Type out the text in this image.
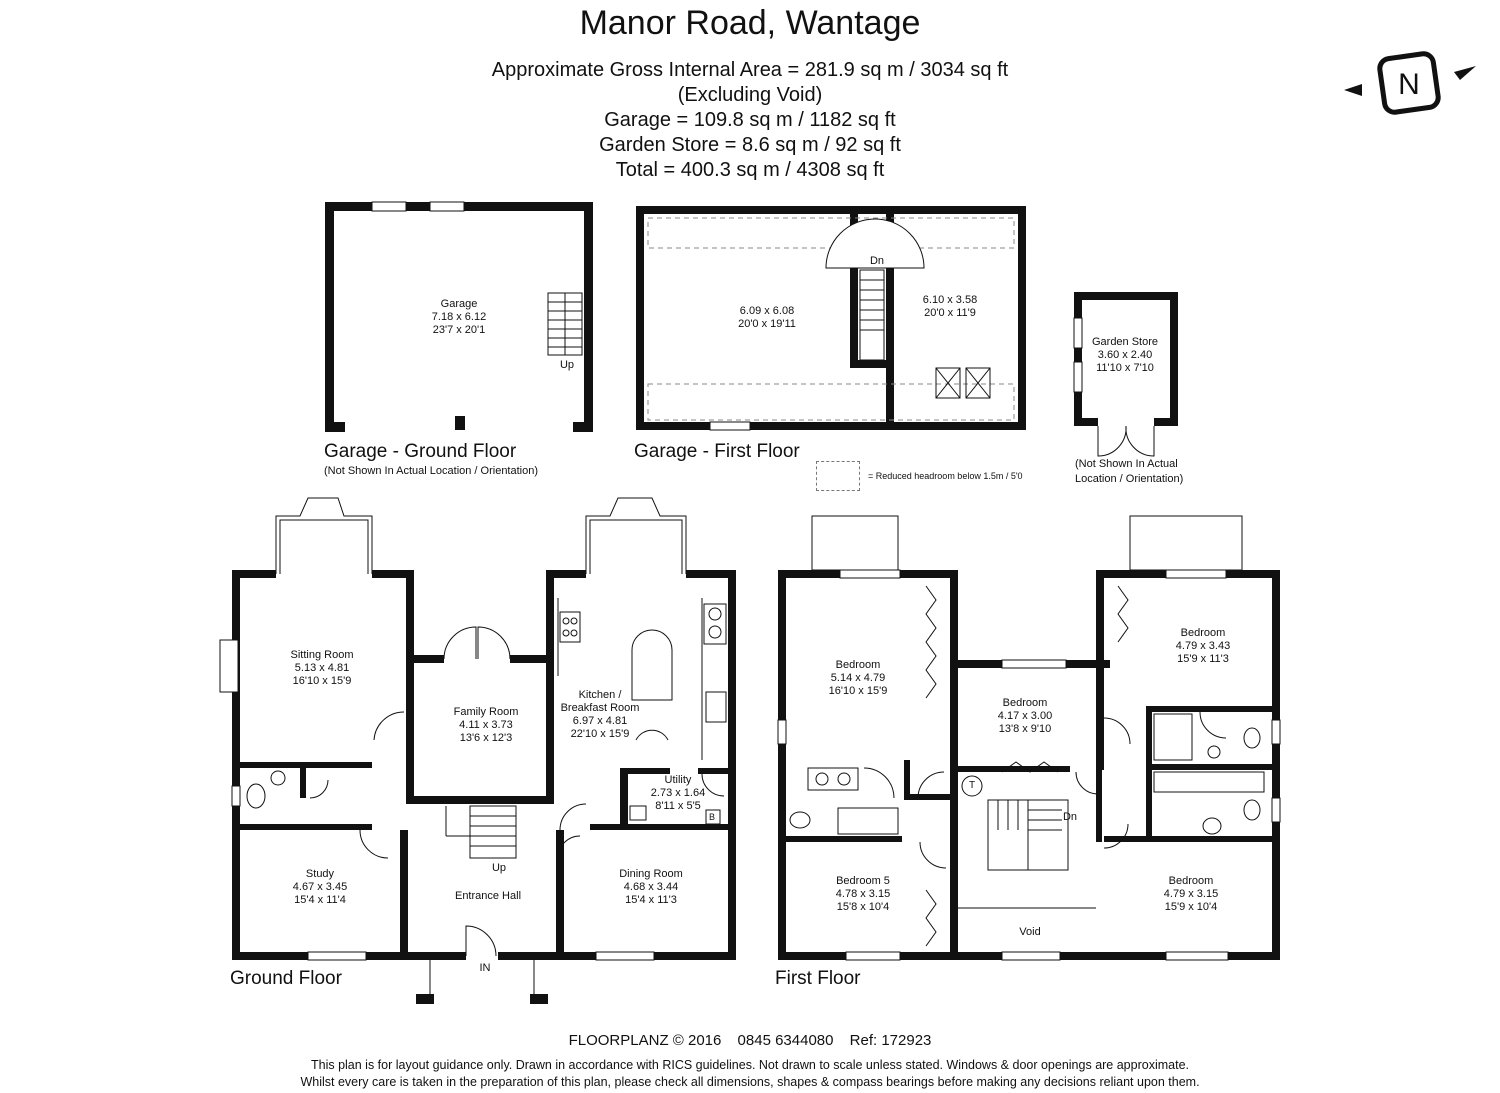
Manor Road, Wantage
Approximate Gross Internal Area = 281.9 sq m / 3034 sq ft
(Excluding Void)
Garage = 109.8 sq m / 1182 sq ft
Garden Store = 8.6 sq m / 92 sq ft
Total = 400.3 sq m / 4308 sq ft
N
Garage
7.18 x 6.12
23'7 x 20'1
Up
Garage - Ground Floor
(Not Shown In Actual Location / Orientation)
Dn
6.09 x 6.08
20'0 x 19'11
6.10 x 3.58
20'0 x 11'9
Garage - First Floor
= Reduced headroom below 1.5m / 5'0
Garden Store
3.60 x 2.40
11'10 x 7'10
(Not Shown In Actual
Location / Orientation)
Sitting Room
5.13 x 4.81
16'10 x 15'9
Family Room
4.11 x 3.73
13'6 x 12'3
Kitchen /
Breakfast Room
6.97 x 4.81
22'10 x 15'9
Utility
2.73 x 1.64
8'11 x 5'5
B
Study
4.67 x 3.45
15'4 x 11'4	Entrance Hall
Up	Dining Room
4.68 x 3.44
15'4 x 11'3
IN
Ground Floor
Bedroom
5.14 x 4.79
16'10 x 15'9
Bedroom
4.17 x 3.00
13'8 x 9'10
Bedroom
4.79 x 3.43
15'9 x 11'3
T
Dn
Bedroom 5
4.78 x 3.15
15'8 x 10'4
Void
Bedroom
4.79 x 3.15
15'9 x 10'4
First Floor
FLOORPLANZ © 2016 0845 6344080 Ref: 172923
This plan is for layout guidance only. Drawn in accordance with RICS guidelines. Not drawn to scale unless stated. Windows & door openings are approximate.
Whilst every care is taken in the preparation of this plan, please check all dimensions, shapes & compass bearings before making any decisions reliant upon them.
